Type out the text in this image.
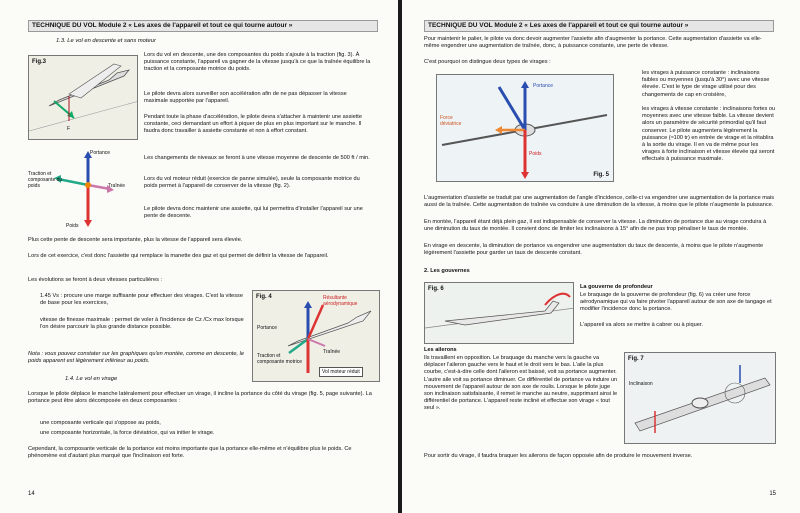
TECHNIQUE DU VOL Module 2 « Les axes de l'appareil et tout ce qui tourne autour »
1.3. Le vol en descente et sans moteur
Fig.3
F
Portance
Traction et composante du poids	Traînée
Poids
Lors du vol en descente, une des composantes du poids s'ajoute à la traction (fig. 3). À puissance constante, l'appareil va gagner de la vitesse jusqu'à ce que la traînée équilibre la traction et la composante motrice du poids.
Le pilote devra alors surveiller son accélération afin de ne pas dépasser la vitesse maximale supportée par l'appareil.
Pendant toute la phase d'accélération, le pilote devra s'attacher à maintenir une assiette constante, ceci demandant un effort à piquer de plus en plus important sur le manche. Il faudra donc travailler à assiette constante et non à effort constant.
Les changements de niveaux se feront à une vitesse moyenne de descente de 500 ft / min.
Lors du vol moteur réduit (exercice de panne simulée), seule la composante motrice du poids permet à l'appareil de conserver de la vitesse (fig. 2).
Le pilote devra donc maintenir une assiette, qui lui permettra d'installer l'appareil sur une pente de descente.
Plus cette pente de descente sera importante, plus la vitesse de l'appareil sera élevée.
Lors de cet exercice, c'est donc l'assiette qui remplace la manette des gaz et qui permet de définir la vitesse de l'appareil.
Les évolutions se feront à deux vitesses particulières :
1.45 Vs : procure une marge suffisante pour effectuer des virages. C'est la vitesse de base pour les exercices,
vitesse de finesse maximale : permet de voler à l'incidence de Cz /Cx max lorsque l'on désire parcourir la plus grande distance possible.
Nota : vous pouvez constater sur les graphiques qu'en montée, comme en descente, le poids apparent est légèrement inférieur au poids.
Fig. 4	Résultante aérodynamique
Portance
Traînée
Traction et composante motrice
Vol moteur réduit
1.4. Le vol en virage
Lorsque le pilote déplace le manche latéralement pour effectuer un virage, il incline la portance du côté du virage (fig. 5, page suivante). La portance peut être alors décomposée en deux composantes :
une composante verticale qui s'oppose au poids,
une composante horizontale, la force déviatrice, qui va initier le virage.
Cependant, la composante verticale de la portance est moins importante que la portance elle-même et n'équilibre plus le poids. Ce phénomène est d'autant plus marqué que l'inclinaison est forte.
14
TECHNIQUE DU VOL Module 2 « Les axes de l'appareil et tout ce qui tourne autour »
Pour maintenir le palier, le pilote va donc devoir augmenter l'assiette afin d'augmenter la portance. Cette augmentation d'assiette va elle-même engendrer une augmentation de traînée, donc, à puissance constante, une perte de vitesse.
C'est pourquoi on distingue deux types de virages :
Portance
Force déviatrice
Poids
Fig. 5
les virages à puissance constante : inclinaisons faibles ou moyennes (jusqu'à 30°) avec une vitesse élevée. C'est le type de virage utilisé pour des changements de cap en croisière,
les virages à vitesse constante : inclinaisons fortes ou moyennes avec une vitesse faible. La vitesse devient alors un paramètre de sécurité primordial qu'il faut conserver. Le pilote augmentera légèrement la puissance (≈100 tr) en entrée de virage et la rétablira à la sortie du virage. Il en va de même pour les virages à forte inclinaison et vitesse élevée qui seront effectués à puissance maximale.
L'augmentation d'assiette se traduit par une augmentation de l'angle d'incidence, celle-ci va engendrer une augmentation de la portance mais aussi de la traînée. Cette augmentation de traînée va conduire à une diminution de la vitesse, à moins que le pilote n'augmente la puissance.
En montée, l'appareil étant déjà plein gaz, il est indispensable de conserver la vitesse. La diminution de portance due au virage conduira à une diminution du taux de montée. Il convient donc de limiter les inclinaisons à 15° afin de ne pas trop pénaliser le taux de montée.
En virage en descente, la diminution de portance va engendrer une augmentation du taux de descente, à moins que le pilote n'augmente légèrement l'assiette pour garder un taux de descente constant.
2. Les gouvernes
Fig. 6	La gouverne de profondeur
Le braquage de la gouverne de profondeur (fig. 6) va créer une force aérodynamique qui va faire pivoter l'appareil autour de son axe de tangage et modifier l'incidence donc la portance.
L'appareil va alors se mettre à cabrer ou à piquer.
Les ailerons
Ils travaillent en opposition. Le braquage du manche vers la gauche va déplacer l'aileron gauche vers le haut et le droit vers le bas. L'aile la plus courbe, c'est-à-dire celle dont l'aileron est baissé, voit sa portance augmenter. L'autre aile voit sa portance diminuer. Ce différentiel de portance va induire un mouvement de l'appareil autour de son axe de roulis. Lorsque le pilote juge son inclinaison satisfaisante, il remet le manche au neutre, supprimant ainsi le différentiel de portance. L'appareil reste incliné et effectue son virage « tout seul ».
Fig. 7
Inclinaison
Pour sortir du virage, il faudra braquer les ailerons de façon opposée afin de produire le mouvement inverse.
15
